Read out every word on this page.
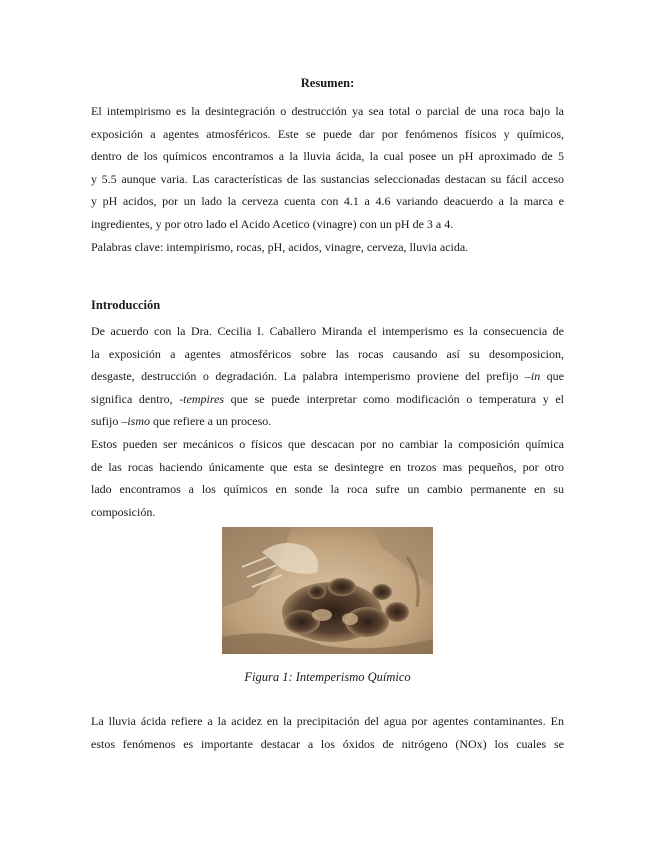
Resumen:
El intempirismo es la desintegración o destrucción ya sea total o parcial de una roca bajo la
exposición a agentes atmosféricos. Este se puede dar por fenómenos físicos y químicos,
dentro de los químicos encontramos a la lluvia ácida, la cual posee un pH aproximado de 5
y 5.5 aunque varia. Las características de las sustancias seleccionadas destacan su fácil acceso
y pH acidos, por un lado la cerveza cuenta con 4.1 a 4.6 variando deacuerdo a la marca e
ingredientes, y por otro lado el Acido Acetico (vinagre) con un pH de 3 a 4.
Palabras clave: intempirismo, rocas, pH, acidos, vinagre, cerveza, lluvia acida.
Introducción
De acuerdo con la Dra. Cecilia I. Caballero Miranda el intemperismo es la consecuencia de
la exposición a agentes atmosféricos sobre las rocas causando así su desomposicion,
desgaste, destrucción o degradación. La palabra intemperismo proviene del prefijo –in que
significa dentro, -tempires que se puede interpretar como modificación o temperatura y el
sufijo –ismo que refiere a un proceso.
Estos pueden ser mecánicos o físicos que descacan por no cambiar la composición química
de las rocas haciendo únicamente que esta se desintegre en trozos mas pequeños, por otro
lado encontramos a los químicos en sonde la roca sufre un cambio permanente en su
composición.
Figura 1: Intemperismo Químico
La lluvia ácida refiere a la acidez en la precipitación del agua por agentes contaminantes. En
estos fenómenos es importante destacar a los óxidos de nitrógeno (NOx) los cuales se
